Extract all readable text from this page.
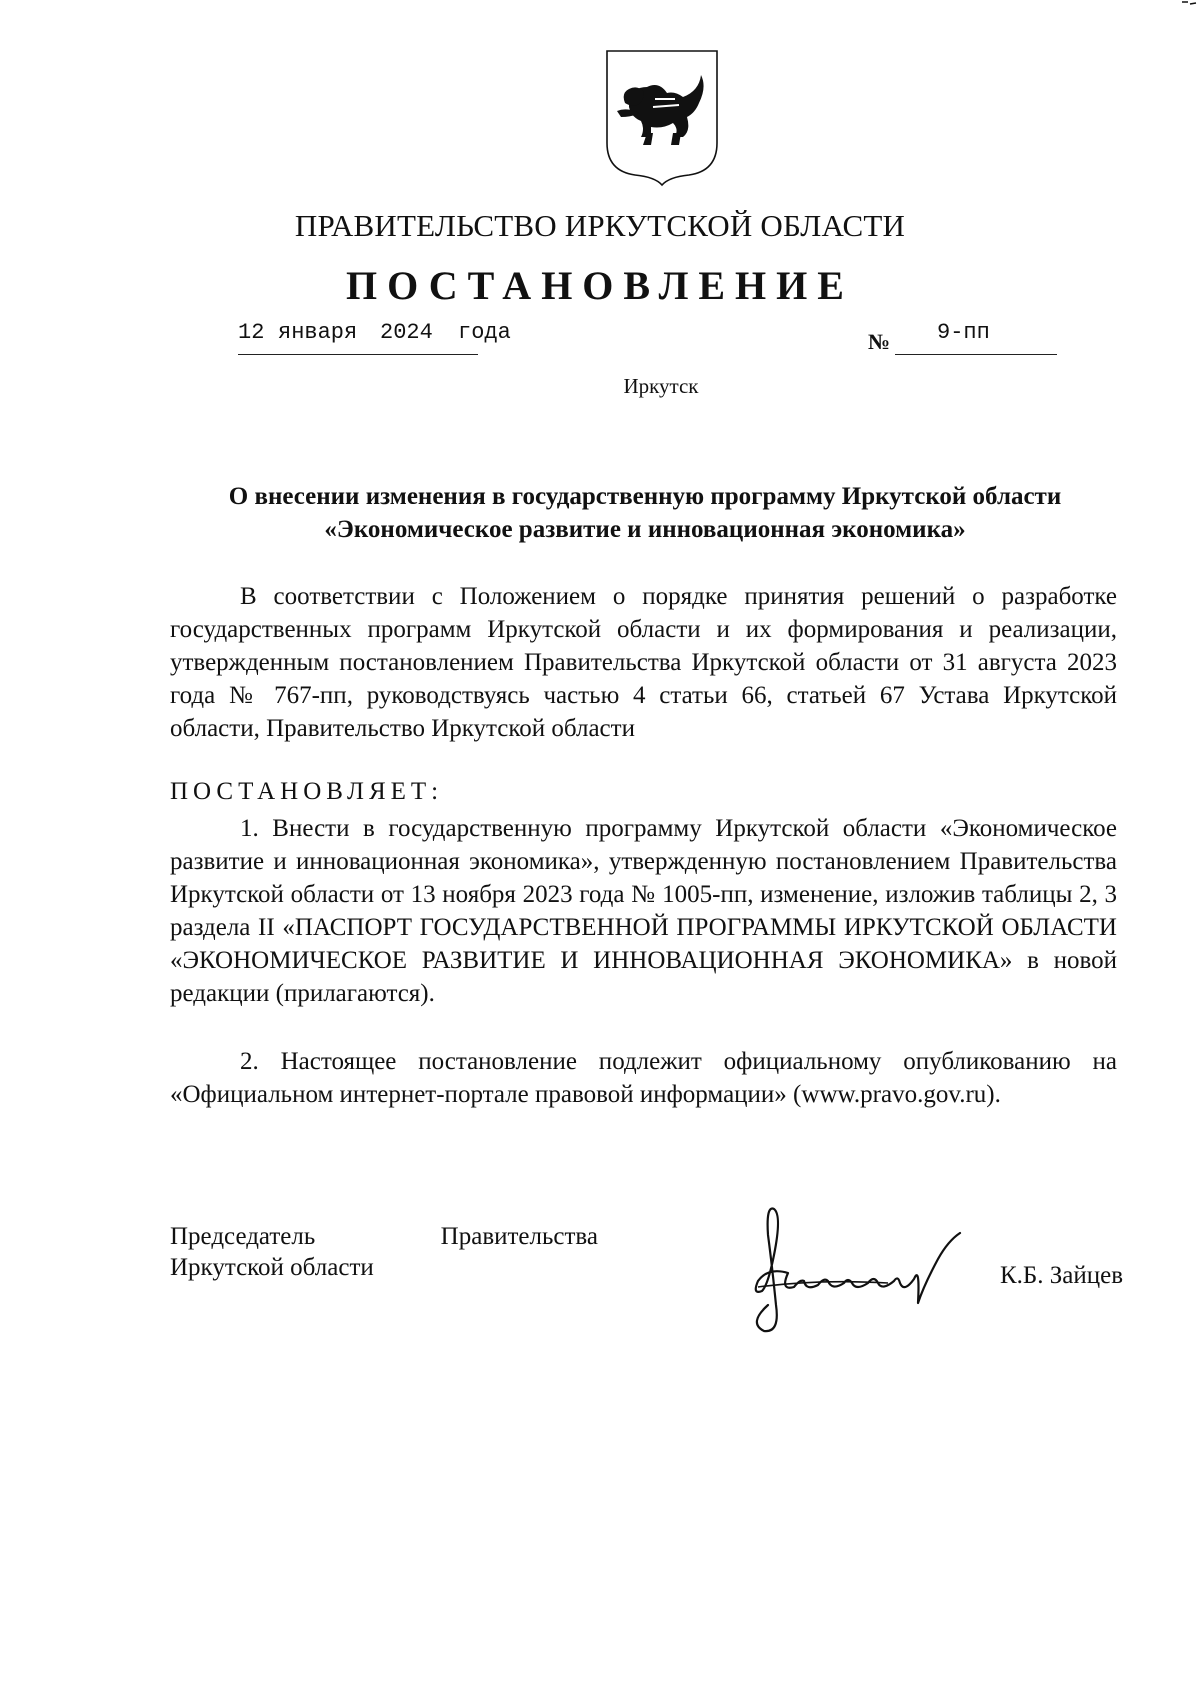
ПРАВИТЕЛЬСТВО ИРКУТСКОЙ ОБЛАСТИ
ПОСТАНОВЛЕНИЕ
12 января 2024 года	№ 9-пп
Иркутск
О внесении изменения в государственную программу Иркутской области «Экономическое развитие и инновационная экономика»
В соответствии с Положением о порядке принятия решений о разработке государственных программ Иркутской области и их формирования и реализации, утвержденным постановлением Правительства Иркутской области от 31 августа 2023 года № 767-пп, руководствуясь частью 4 статьи 66, статьей 67 Устава Иркутской области, Правительство Иркутской области
ПОСТАНОВЛЯЕТ:
1. Внести в государственную программу Иркутской области «Экономическое развитие и инновационная экономика», утвержденную постановлением Правительства Иркутской области от 13 ноября 2023 года № 1005-пп, изменение, изложив таблицы 2, 3 раздела II «ПАСПОРТ ГОСУДАРСТВЕННОЙ ПРОГРАММЫ ИРКУТСКОЙ ОБЛАСТИ «ЭКОНОМИЧЕСКОЕ РАЗВИТИЕ И ИННОВАЦИОННАЯ ЭКОНОМИКА» в новой редакции (прилагаются).
2. Настоящее постановление подлежит официальному опубликованию на «Официальном интернет-портале правовой информации» (www.pravo.gov.ru).
Председатель Правительства
Иркутской области	К.Б. Зайцев
